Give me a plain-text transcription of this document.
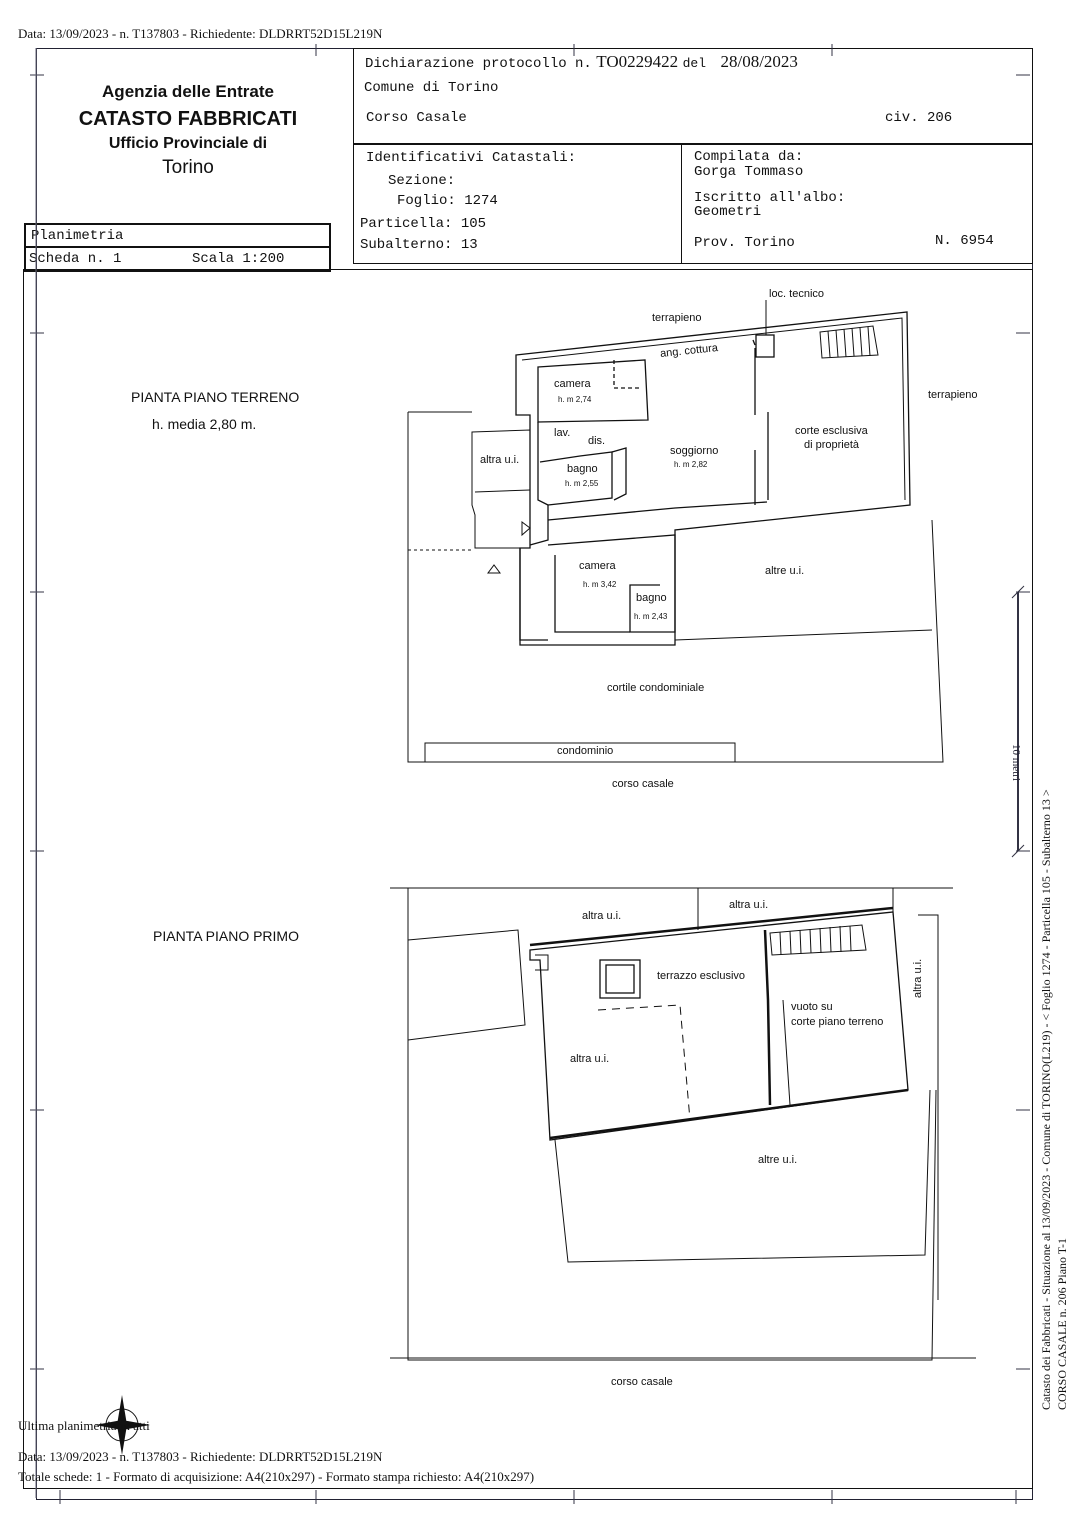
Data: 13/09/2023 - n. T137803 - Richiedente: DLDRRT52D15L219N
Agenzia delle Entrate
CATASTO FABBRICATI
Ufficio Provinciale di
Torino
Planimetria
Scheda n. 1	Scala 1:200
Dichiarazione protocollo n. TO0229422 del 28/08/2023
Comune di Torino
Corso Casale	civ. 206
Identificativi Catastali:
Sezione:
Foglio: 1274
Particella: 105
Subalterno: 13
Compilata da:
Gorga Tommaso
Iscritto all'albo:
Geometri
Prov. Torino	N. 6954
PIANTA PIANO TERRENO
h. media 2,80 m.
loc. tecnico
terrapieno
terrapieno
ang. cottura
camera
h. m 2,74
lav.
dis.
bagno
h. m 2,55
altra u.i.
soggiorno
h. m 2,82
corte esclusiva
di proprietà
camera
h. m 3,42
bagno
h. m 2,43
altre u.i.
cortile condominiale
condominio
corso casale
PIANTA PIANO PRIMO
altra u.i.
altra u.i.
altra u.i.
terrazzo esclusivo
vuoto su
corte piano terreno
altra u.i.
altre u.i.
corso casale	Catasto dei Fabbricati - Situazione al 13/09/2023 - Comune di TORINO(L219) - < Foglio 1274 - Particella 105 - Subalterno 13 > CORSO CASALE n. 206 Piano T-1
10 metri
Ultima planimetria in atti
Data: 13/09/2023 - n. T137803 - Richiedente: DLDRRT52D15L219N
Totale schede: 1 - Formato di acquisizione: A4(210x297) - Formato stampa richiesto: A4(210x297)
